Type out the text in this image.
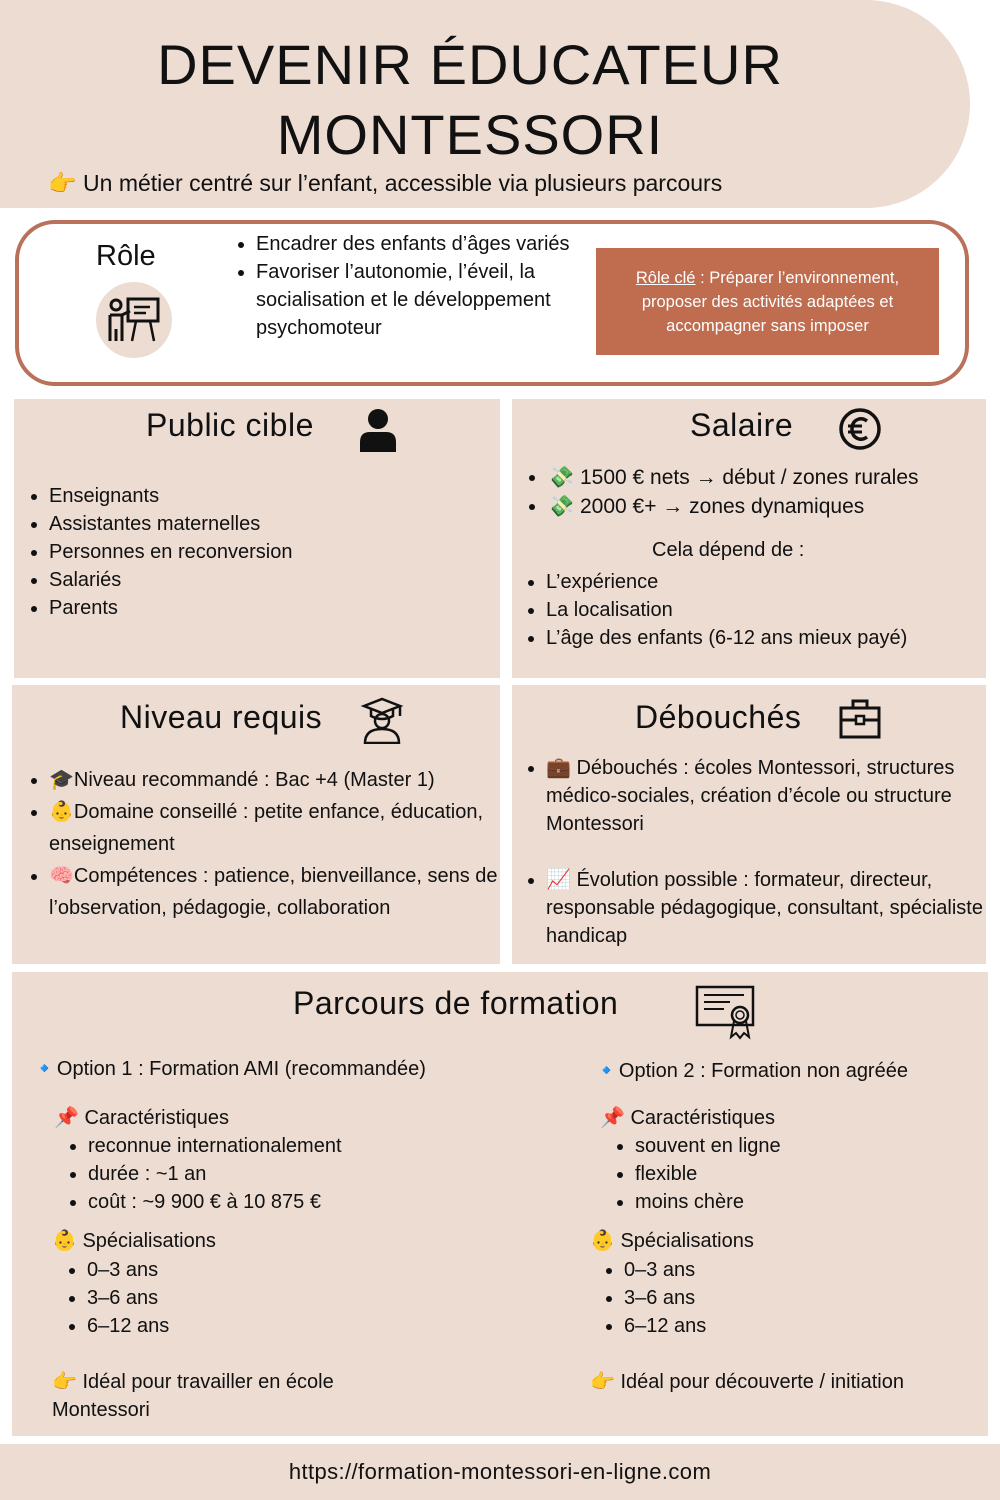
DEVENIR ÉDUCATEUR
MONTESSORI
👉 Un métier centré sur l’enfant, accessible via plusieurs parcours
Rôle
•	Encadrer des enfants d’âges variés
• Favoriser l’autonomie, l’éveil, la socialisation et le développement psychomoteur
Rôle clé : Préparer l’environnement, proposer des activités adaptées et accompagner sans imposer
Public cible
• Enseignants
• Assistantes maternelles
• Personnes en reconversion
• Salariés
• Parents
Salaire
• 💸 1500 € nets → début / zones rurales
• 💸 2000 €+ → zones dynamiques
Cela dépend de :
• L’expérience
• La localisation
• L’âge des enfants (6-12 ans mieux payé)
Niveau requis
• 🎓Niveau recommandé : Bac +4 (Master 1)
• 👶Domaine conseillé : petite enfance, éducation, enseignement
• 🧠Compétences : patience, bienveillance, sens de l’observation, pédagogie, collaboration
Débouchés
• 💼 Débouchés : écoles Montessori, structures médico-sociales, création d’école ou structure Montessori
• 📈 Évolution possible : formateur, directeur, responsable pédagogique, consultant, spécialiste handicap
Parcours de formation
🔹Option 1 : Formation AMI (recommandée)
📌 Caractéristiques
• reconnue internationalement
• durée : ~1 an
• coût : ~9 900 € à 10 875 €
👶 Spécialisations
• 0–3 ans
• 3–6 ans
• 6–12 ans
👉 Idéal pour travailler en école Montessori
🔹Option 2 : Formation non agréée
📌 Caractéristiques
• souvent en ligne
• flexible
• moins chère
👶 Spécialisations
• 0–3 ans
• 3–6 ans
• 6–12 ans
👉 Idéal pour découverte / initiation
https://formation-montessori-en-ligne.com
